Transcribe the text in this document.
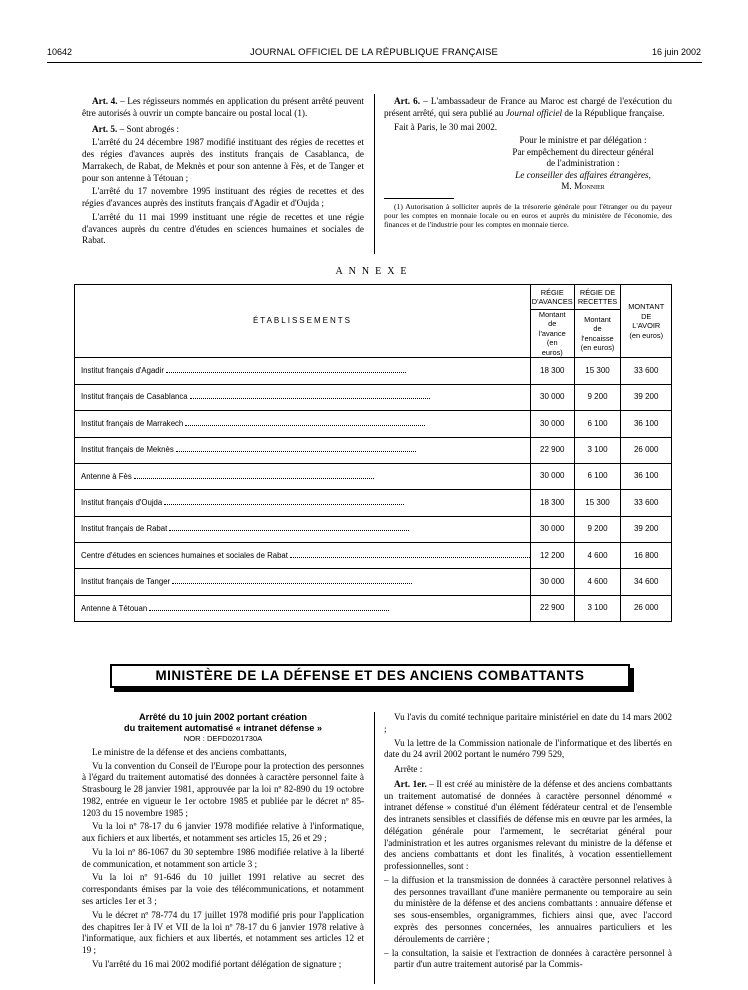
10642	JOURNAL OFFICIEL DE LA RÉPUBLIQUE FRANÇAISE	16 juin 2002

Art. 4. – Les régisseurs nommés en application du présent arrêté peuvent être autorisés à ouvrir un compte bancaire ou postal local (1).

Art. 5. – Sont abrogés :

L'arrêté du 24 décembre 1987 modifié instituant des régies de recettes et des régies d'avances auprès des instituts français de Casablanca, de Marrakech, de Rabat, de Meknès et pour son antenne à Fès, et de Tanger et pour son antenne à Tétouan ;

L'arrêté du 17 novembre 1995 instituant des régies de recettes et des régies d'avances auprès des instituts français d'Agadir et d'Oujda ;

L'arrêté du 11 mai 1999 instituant une régie de recettes et une régie d'avances auprès du centre d'études en sciences humaines et sociales de Rabat.

Art. 6. – L'ambassadeur de France au Maroc est chargé de l'exécution du présent arrêté, qui sera publié au Journal officiel de la République française.

Fait à Paris, le 30 mai 2002.

Pour le ministre et par délégation :
Par empêchement du directeur général
de l'administration :
Le conseiller des affaires étrangères,
M. Monnier

(1) Autorisation à solliciter auprès de la trésorerie générale pour l'étranger ou du payeur pour les comptes en monnaie locale ou en euros et auprès du ministère de l'économie, des finances et de l'industrie pour les comptes en monnaie tierce.

ANNEXE
ÉTABLISSEMENTS	RÉGIE D'AVANCES	RÉGIE DE RECETTES	MONTANT DE L'AVOIR (en euros)
	Montant de l'avance (en euros)	Montant de l'encaisse (en euros)	
Institut français d'Agadir	18 300	15 300	33 600
Institut français de Casablanca	30 000	9 200	39 200
Institut français de Marrakech	30 000	6 100	36 100
Institut français de Meknès	22 900	3 100	26 000
Antenne à Fès	30 000	6 100	36 100
Institut français d'Oujda	18 300	15 300	33 600
Institut français de Rabat	30 000	9 200	39 200
Centre d'études en sciences humaines et sociales de Rabat	12 200	4 600	16 800
Institut français de Tanger	30 000	4 600	34 600
Antenne à Tétouan	22 900	3 100	26 000
MINISTÈRE DE LA DÉFENSE ET DES ANCIENS COMBATTANTS
Arrêté du 10 juin 2002 portant création
du traitement automatisé « intranet défense »
NOR : DEFD0201730A

Le ministre de la défense et des anciens combattants,

Vu la convention du Conseil de l'Europe pour la protection des personnes à l'égard du traitement automatisé des données à caractère personnel faite à Strasbourg le 28 janvier 1981, approuvée par la loi nº 82-890 du 19 octobre 1982, entrée en vigueur le 1er octobre 1985 et publiée par le décret nº 85-1203 du 15 novembre 1985 ;

Vu la loi nº 78-17 du 6 janvier 1978 modifiée relative à l'informatique, aux fichiers et aux libertés, et notamment ses articles 15, 26 et 29 ;

Vu la loi nº 86-1067 du 30 septembre 1986 modifiée relative à la liberté de communication, et notamment son article 3 ;

Vu la loi nº 91-646 du 10 juillet 1991 relative au secret des correspondants émises par la voie des télécommunications, et notamment ses articles 1er et 3 ;

Vu le décret nº 78-774 du 17 juillet 1978 modifié pris pour l'application des chapitres Ier à IV et VII de la loi nº 78-17 du 6 janvier 1978 relative à l'informatique, aux fichiers et aux libertés, et notamment ses articles 12 et 19 ;

Vu l'arrêté du 16 mai 2002 modifié portant délégation de signature ;

Vu l'avis du comité technique paritaire ministériel en date du 14 mars 2002 ;

Vu la lettre de la Commission nationale de l'informatique et des libertés en date du 24 avril 2002 portant le numéro 799 529,

Arrête :

Art. 1er. – Il est créé au ministère de la défense et des anciens combattants un traitement automatisé de données à caractère personnel dénommé « intranet défense » constitué d'un élément fédérateur central et de l'ensemble des intranets sensibles et classifiés de défense mis en œuvre par les armées, la délégation générale pour l'armement, le secrétariat général pour l'administration et les autres organismes relevant du ministre de la défense et des anciens combattants et dont les finalités, à vocation essentiellement professionnelles, sont :

– la diffusion et la transmission de données à caractère personnel relatives à des personnes travaillant d'une manière permanente ou temporaire au sein du ministère de la défense et des anciens combattants : annuaire défense et ses sous-ensembles, organigrammes, fichiers ainsi que, avec l'accord exprès des personnes concernées, les annuaires particuliers et les déroulements de carrière ;
– la consultation, la saisie et l'extraction de données à caractère personnel à partir d'un autre traitement autorisé par la Commis-
